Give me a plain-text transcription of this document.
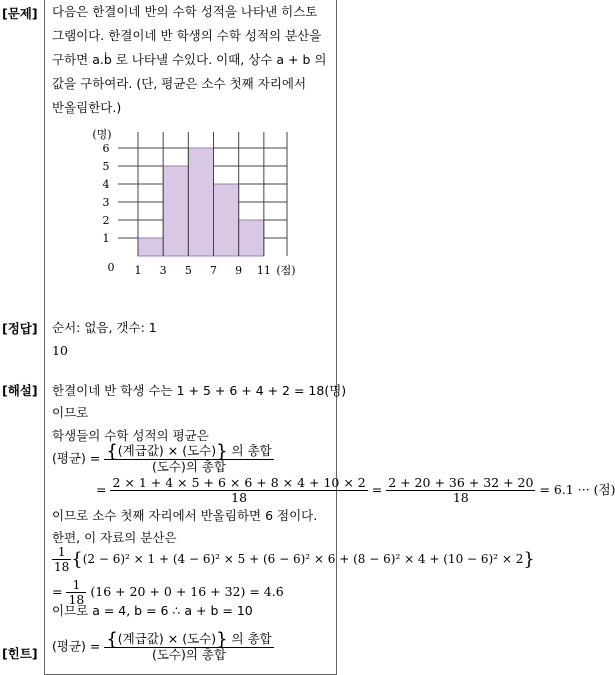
[문제]
[정답]
[해설]
[힌트]
다음은 한결이네 반의 수학 성적을 나타낸 히스토
그램이다. 한결이네 반 학생의 수학 성적의 분산을
구하면 a.ḃ 로 나타낼 수있다. 이때, 상수 a + b 의
값을 구하여라. (단, 평균은 소수 첫째 자리에서
반올림한다.)
1
2
3
4
5
6
1 3 5 7 9 11
0
(명)
(점)
순서: 없음, 갯수: 1
10
한결이네 반 학생 수는 1 + 5 + 6 + 4 + 2 = 18(명)
이므로
학생들의 수학 성적의 평균은
(평균) = $\frac{\text{\{(계급값) × (도수)\} 의 총합}}{\text{(도수)의 총합}}$
= $\frac{2 \times 1 + 4 \times 5 + 6 \times 6 + 8 \times 4 + 10 \times 2}{18} = \frac{2 + 20 + 36 + 32 + 20}{18} = 6.1$ ··· (점)
이므로 소수 첫째 자리에서 반올림하면 6 점이다.
한편, 이 자료의 분산은
$\frac{1}{18} \{(2 - 6)^2 \times 1 + (4 - 6)^2 \times 5 + (6 - 6)^2 \times 6 + (8 - 6)^2 \times 4 + (10 - 6)^2 \times 2\}$
= $\frac{1}{18} (16 + 20 + 0 + 16 + 32)$ = 4.6̇
이므로 a = 4, b = 6 ∴ a + b = 10
(평균) = $\frac{\text{\{(계급값) × (도수)\} 의 총합}}{\text{(도수)의 총합}}$
